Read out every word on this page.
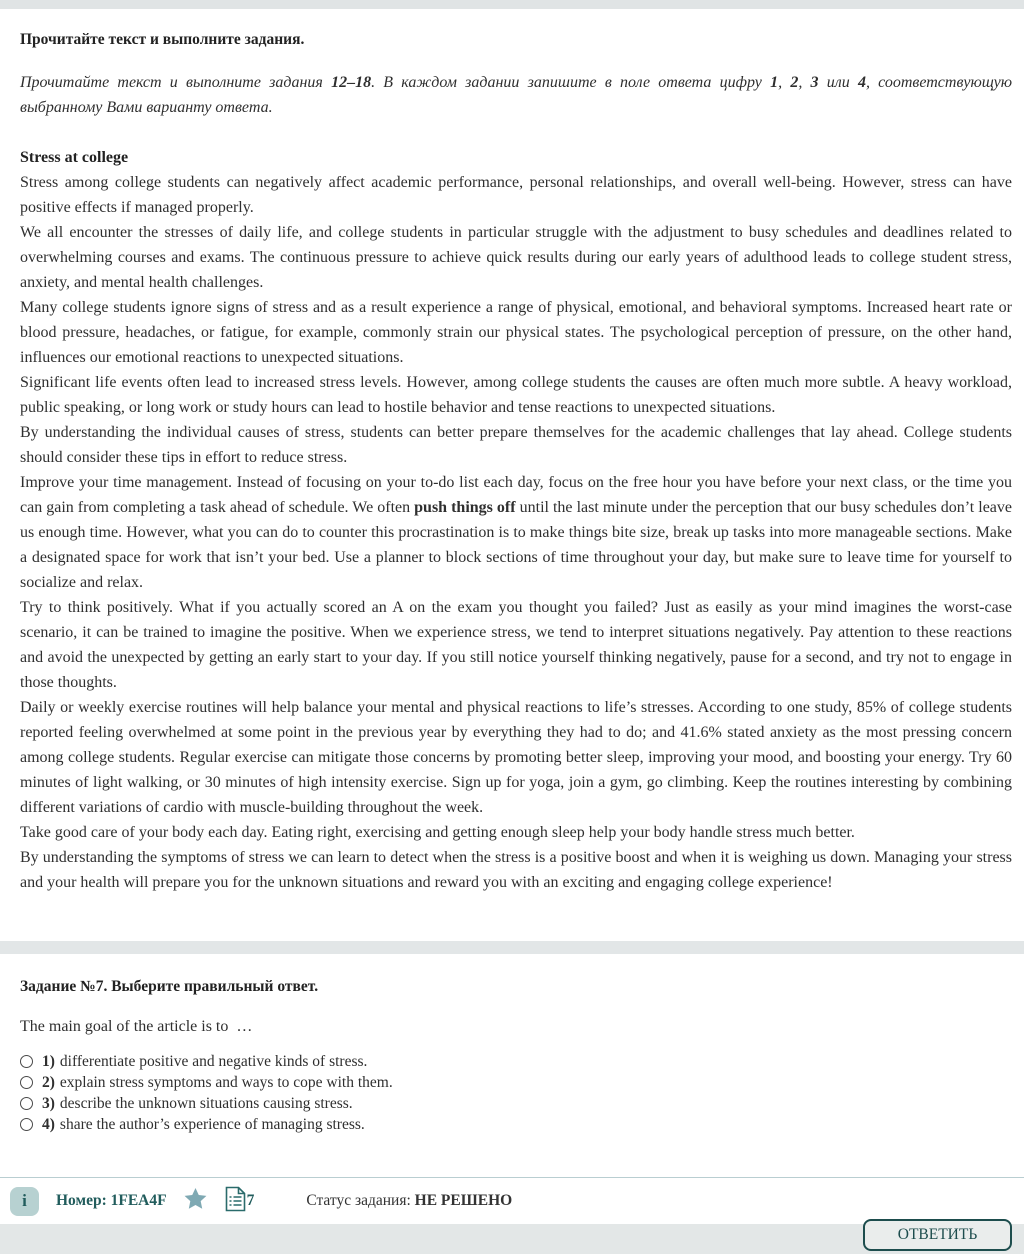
Прочитайте текст и выполните задания.

Прочитайте текст и выполните задания 12–18. В каждом задании запишите в поле ответа цифру 1, 2, 3 или 4, соответствующую выбранному Вами варианту ответа.

Stress at college

Stress among college students can negatively affect academic performance, personal relationships, and overall well-being. However, stress can have positive effects if managed properly.

We all encounter the stresses of daily life, and college students in particular struggle with the adjustment to busy schedules and deadlines related to overwhelming courses and exams. The continuous pressure to achieve quick results during our early years of adulthood leads to college student stress, anxiety, and mental health challenges.

Many college students ignore signs of stress and as a result experience a range of physical, emotional, and behavioral symptoms. Increased heart rate or blood pressure, headaches, or fatigue, for example, commonly strain our physical states. The psychological perception of pressure, on the other hand, influences our emotional reactions to unexpected situations.

Significant life events often lead to increased stress levels. However, among college students the causes are often much more subtle. A heavy workload, public speaking, or long work or study hours can lead to hostile behavior and tense reactions to unexpected situations.

By understanding the individual causes of stress, students can better prepare themselves for the academic challenges that lay ahead. College students should consider these tips in effort to reduce stress.

Improve your time management. Instead of focusing on your to-do list each day, focus on the free hour you have before your next class, or the time you can gain from completing a task ahead of schedule. We often push things off until the last minute under the perception that our busy schedules don’t leave us enough time. However, what you can do to counter this procrastination is to make things bite size, break up tasks into more manageable sections. Make a designated space for work that isn’t your bed. Use a planner to block sections of time throughout your day, but make sure to leave time for yourself to socialize and relax.

Try to think positively. What if you actually scored an A on the exam you thought you failed? Just as easily as your mind imagines the worst-case scenario, it can be trained to imagine the positive. When we experience stress, we tend to interpret situations negatively. Pay attention to these reactions and avoid the unexpected by getting an early start to your day. If you still notice yourself thinking negatively, pause for a second, and try not to engage in those thoughts.

Daily or weekly exercise routines will help balance your mental and physical reactions to life’s stresses. According to one study, 85% of college students reported feeling overwhelmed at some point in the previous year by everything they had to do; and 41.6% stated anxiety as the most pressing concern among college students. Regular exercise can mitigate those concerns by promoting better sleep, improving your mood, and boosting your energy. Try 60 minutes of light walking, or 30 minutes of high intensity exercise. Sign up for yoga, join a gym, go climbing. Keep the routines interesting by combining different variations of cardio with muscle-building throughout the week.

Take good care of your body each day. Eating right, exercising and getting enough sleep help your body handle stress much better.

By understanding the symptoms of stress we can learn to detect when the stress is a positive boost and when it is weighing us down. Managing your stress and your health will prepare you for the unknown situations and reward you with an exciting and engaging college experience!

Задание №7. Выберите правильный ответ.

The main goal of the article is to  …

1) differentiate positive and negative kinds of stress.
2) explain stress symptoms and ways to cope with them.
3) describe the unknown situations causing stress.
4) share the author’s experience of managing stress.
i	Номер: 1FEA4F	7	Статус задания: НЕ РЕШЕНО
ОТВЕТИТЬ
